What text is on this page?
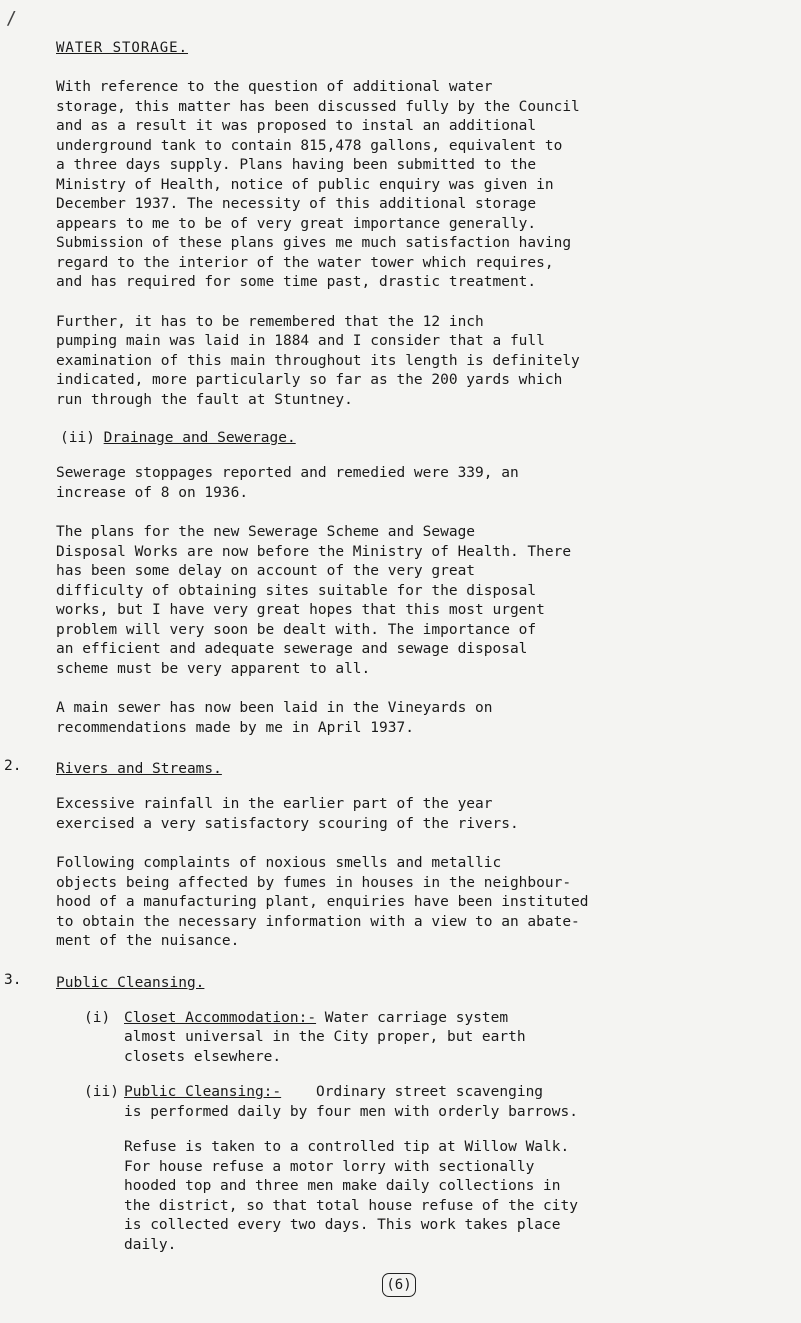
/
WATER STORAGE.
With reference to the question of additional water
storage, this matter has been discussed fully by the Council
and as a result it was proposed to instal an additional
underground tank to contain 815,478 gallons, equivalent to
a three days supply. Plans having been submitted to the
Ministry of Health, notice of public enquiry was given in
December 1937. The necessity of this additional storage
appears to me to be of very great importance generally.
Submission of these plans gives me much satisfaction having
regard to the interior of the water tower which requires,
and has required for some time past, drastic treatment.
Further, it has to be remembered that the 12 inch
pumping main was laid in 1884 and I consider that a full
examination of this main throughout its length is definitely
indicated, more particularly so far as the 200 yards which
run through the fault at Stuntney.
(ii) Drainage and Sewerage.
Sewerage stoppages reported and remedied were 339, an
increase of 8 on 1936.
The plans for the new Sewerage Scheme and Sewage
Disposal Works are now before the Ministry of Health. There
has been some delay on account of the very great
difficulty of obtaining sites suitable for the disposal
works, but I have very great hopes that this most urgent
problem will very soon be dealt with. The importance of
an efficient and adequate sewerage and sewage disposal
scheme must be very apparent to all.
A main sewer has now been laid in the Vineyards on
recommendations made by me in April 1937.
2. Rivers and Streams.
Excessive rainfall in the earlier part of the year
exercised a very satisfactory scouring of the rivers.
Following complaints of noxious smells and metallic
objects being affected by fumes in houses in the neighbour-
hood of a manufacturing plant, enquiries have been instituted
to obtain the necessary information with a view to an abate-
ment of the nuisance.
3. Public Cleansing.
(i) Closet Accommodation:- Water carriage system
almost universal in the City proper, but earth
closets elsewhere.
(ii) Public Cleansing:-    Ordinary street scavenging
is performed daily by four men with orderly barrows.
Refuse is taken to a controlled tip at Willow Walk.
For house refuse a motor lorry with sectionally
hooded top and three men make daily collections in
the district, so that total house refuse of the city
is collected every two days. This work takes place
daily.
(6)
